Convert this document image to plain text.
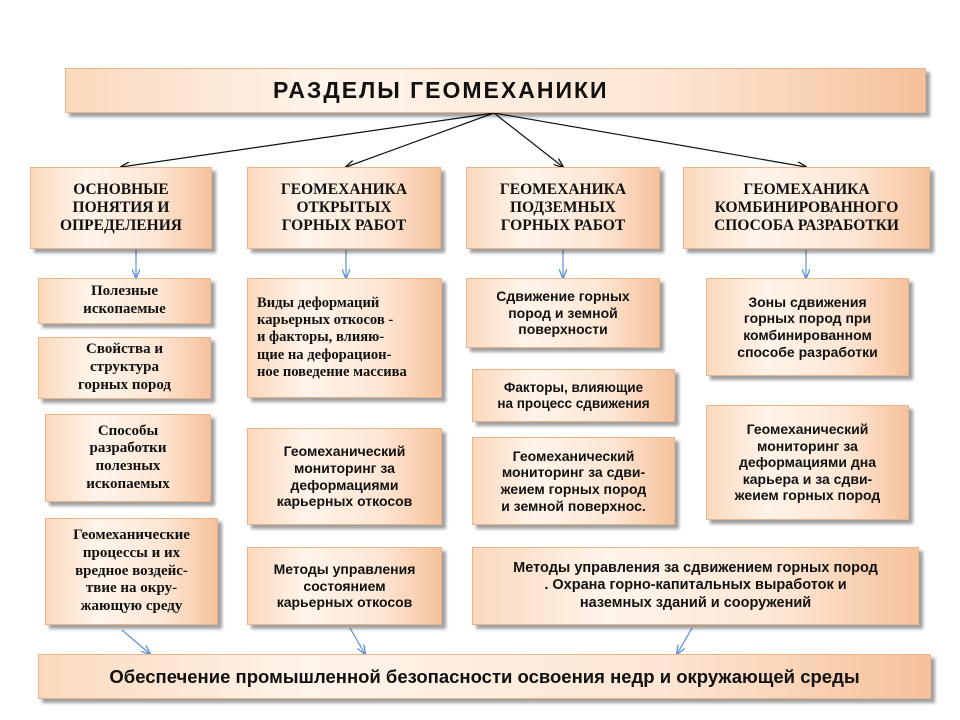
РАЗДЕЛЫ ГЕОМЕХАНИКИ
ОСНОВНЫЕ
ПОНЯТИЯ И
ОПРЕДЕЛЕНИЯ
ГЕОМЕХАНИКА
ОТКРЫТЫХ
ГОРНЫХ РАБОТ
ГЕОМЕХАНИКА
ПОДЗЕМНЫХ
ГОРНЫХ РАБОТ
ГЕОМЕХАНИКА
КОМБИНИРОВАННОГО
СПОСОБА РАЗРАБОТКИ
Полезные
ископаемые
Свойства и
структура
горных пород
Способы
разработки
полезных
ископаемых
Геомеханические
процессы и их
вредное воздейс-
твие на окру-
жающую среду
Виды деформаций
карьерных откосов -
и факторы, влияю-
щие на дефорацион-
ное поведение массива
Геомеханический
мониторинг за
деформациями
карьерных откосов
Методы управления
состоянием
карьерных откосов
Сдвижение горных
пород и земной
поверхности
Факторы, влияющие
на процесс сдвижения
Геомеханический
мониторинг за сдви-
жеием горных пород
и земной поверхнос.
Зоны сдвижения
горных пород при
комбинированном
способе разработки
Геомеханический
мониторинг за
деформациями дна
карьера и за сдви-
жеием горных пород
Методы управления за сдвижением горных пород
. Охрана горно-капитальных выработок и
наземных зданий и сооружений
Обеспечение промышленной безопасности освоения недр и окружающей среды
